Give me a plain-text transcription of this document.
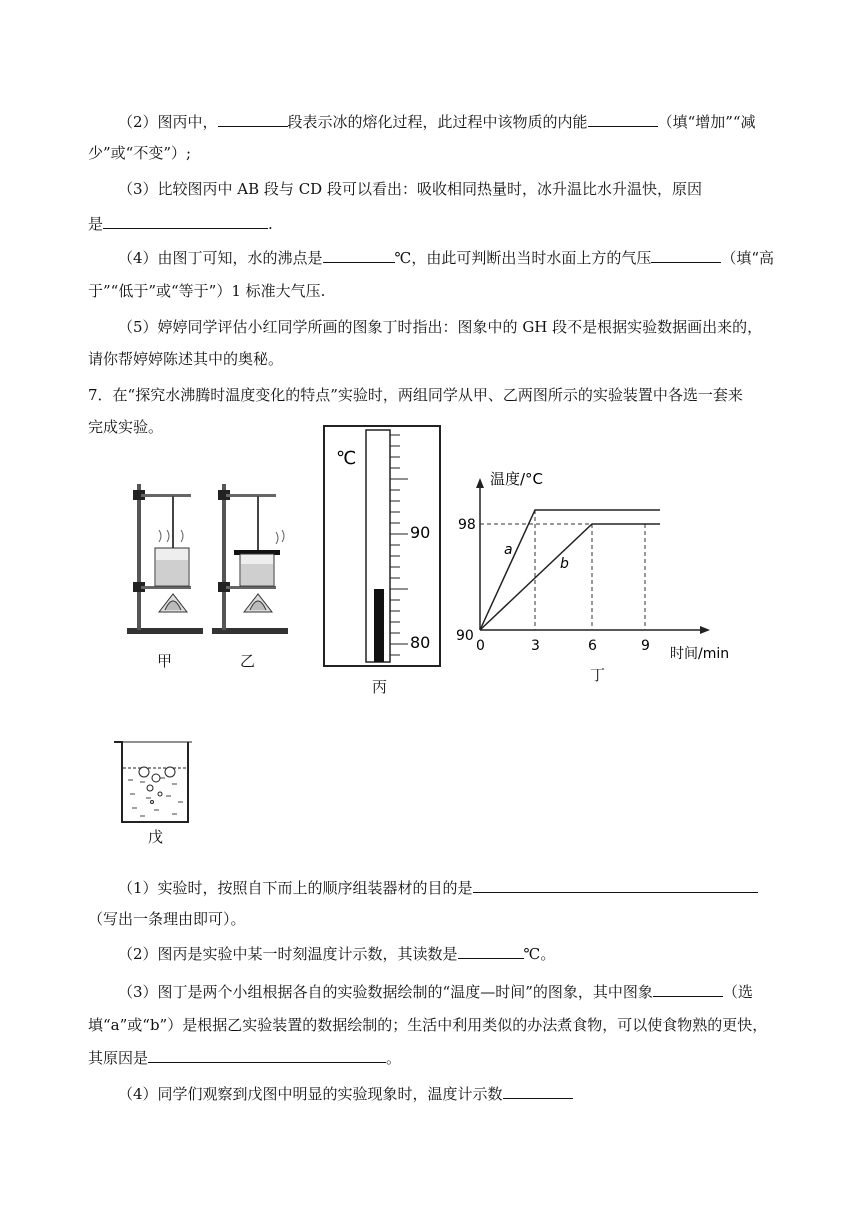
（2）图丙中，	段表示冰的熔化过程，此过程中该物质的内能	（填“增加”“减
少”或“不变”）;
（3）比较图丙中 AB 段与 CD 段可以看出：吸收相同热量时，冰升温比水升温快，原因
是	.
（4）由图丁可知，水的沸点是	℃，由此可判断出当时水面上方的气压	（填“高
于”“低于”或“等于”）1 标准大气压.
（5）婷婷同学评估小红同学所画的图象丁时指出：图象中的 GH 段不是根据实验数据画出来的，
请你帮婷婷陈述其中的奥秘。
7．在“探究水沸腾时温度变化的特点”实验时，两组同学从甲、乙两图所示的实验装置中各选一套来
完成实验。
甲	乙
℃
90
80
丙
温度/°C
98
90
0	3	6	9 时间/min
a
b
丁
戊
（1）实验时，按照自下而上的顺序组装器材的目的是
（写出一条理由即可）。
（2）图丙是实验中某一时刻温度计示数，其读数是	℃。
（3）图丁是两个小组根据各自的实验数据绘制的“温度—时间”的图象，其中图象	（选
填“a”或“b”）是根据乙实验装置的数据绘制的；生活中利用类似的办法煮食物，可以使食物熟的更快，
其原因是	。
（4）同学们观察到戊图中明显的实验现象时，温度计示数
